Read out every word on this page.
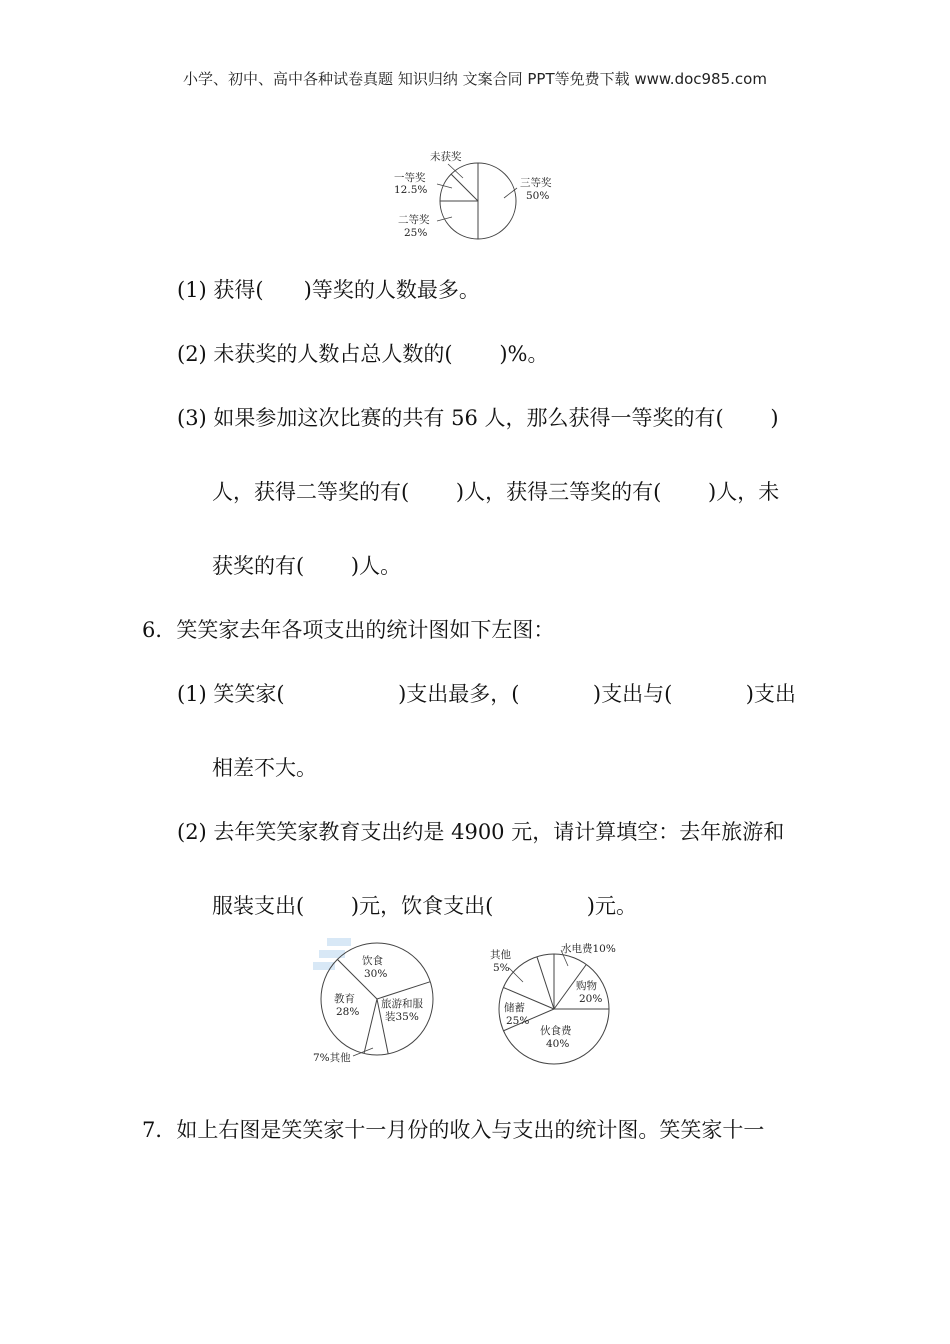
小学、初中、高中各种试卷真题 知识归纳 文案合同 PPT等免费下载 www.doc985.com
未获奖
一等奖
12.5%
三等奖
50%
二等奖
25%
(1) 获得(      )等奖的人数最多。
(2) 未获奖的人数占总人数的(       )%。
(3) 如果参加这次比赛的共有 56 人，那么获得一等奖的有(       )
人，获得二等奖的有(       )人，获得三等奖的有(       )人，未
获奖的有(       )人。
6．笑笑家去年各项支出的统计图如下左图：
(1) 笑笑家(                 )支出最多，(           )支出与(           )支出
相差不大。
(2) 去年笑笑家教育支出约是 4900 元，请计算填空：去年旅游和
服装支出(       )元，饮食支出(              )元。
饮食
30%
教育
28%
旅游和服
装35%
7%其他
其他
5%
水电费10%
购物
20%
储蓄
25%
伙食费
40%
7．如上右图是笑笑家十一月份的收入与支出的统计图。笑笑家十一
